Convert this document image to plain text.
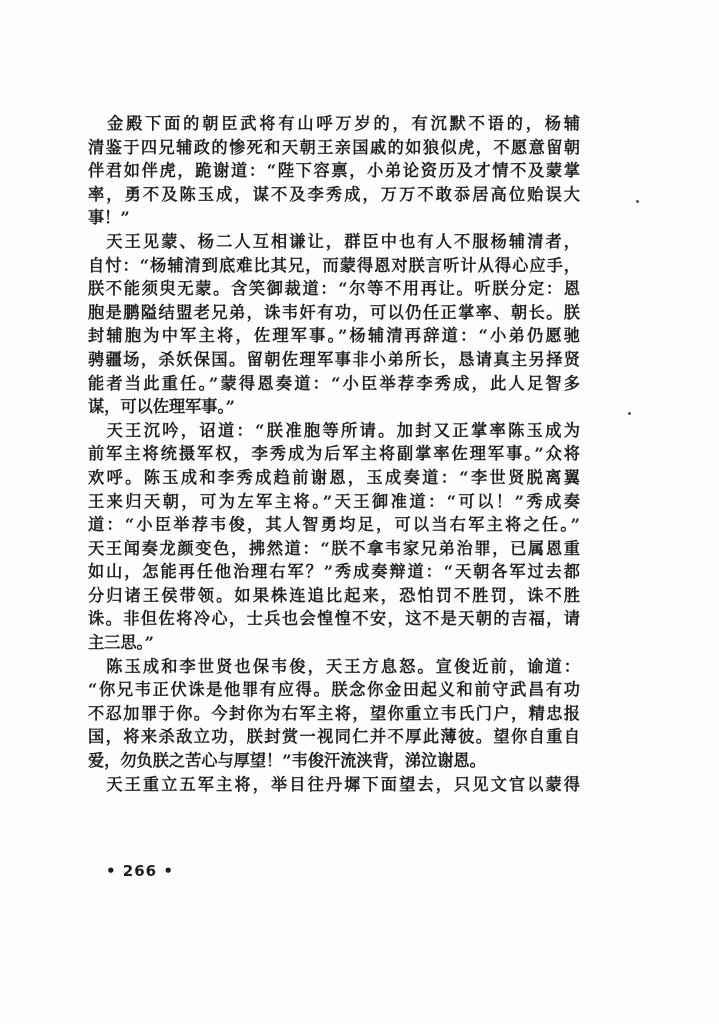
　金殿下面的朝臣武将有山呼万岁的，有沉默不语的，杨辅
清鉴于四兄辅政的惨死和天朝王亲国戚的如狼似虎，不愿意留朝
伴君如伴虎，跪谢道：“陛下容禀，小弟论资历及才情不及蒙掌
率，勇不及陈玉成，谋不及李秀成，万万不敢忝居高位贻误大
事！”
　天王见蒙、杨二人互相谦让，群臣中也有人不服杨辅清者，
自忖：“杨辅清到底难比其兄，而蒙得恩对朕言听计从得心应手，
朕不能须臾无蒙。含笑御裁道：“尔等不用再让。听朕分定：恩
胞是鹏隘结盟老兄弟，诛韦奸有功，可以仍任正掌率、朝长。朕
封辅胞为中军主将，佐理军事。”杨辅清再辞道：“小弟仍愿驰
骋疆场，杀妖保国。留朝佐理军事非小弟所长，恳请真主另择贤
能者当此重任。”蒙得恩奏道：“小臣举荐李秀成，此人足智多
谋，可以佐理军事。”
　天王沉吟，诏道：“朕准胞等所请。加封又正掌率陈玉成为
前军主将统摄军权，李秀成为后军主将副掌率佐理军事。”众将
欢呼。陈玉成和李秀成趋前谢恩，玉成奏道：“李世贤脱离翼
王来归天朝，可为左军主将。”天王御准道：“可以！”秀成奏
道：“小臣举荐韦俊，其人智勇均足，可以当右军主将之任。”
天王闻奏龙颜变色，拂然道：“朕不拿韦家兄弟治罪，已属恩重
如山，怎能再任他治理右军？”秀成奏辩道：“天朝各军过去都
分归诸王侯带领。如果株连追比起来，恐怕罚不胜罚，诛不胜
诛。非但佐将冷心，士兵也会惶惶不安，这不是天朝的吉福，请
主三思。”
　陈玉成和李世贤也保韦俊，天王方息怒。宣俊近前，谕道：
“你兄韦正伏诛是他罪有应得。朕念你金田起义和前守武昌有功
不忍加罪于你。今封你为右军主将，望你重立韦氏门户，精忠报
国，将来杀敌立功，朕封赏一视同仁并不厚此薄彼。望你自重自
爱，勿负朕之苦心与厚望！”韦俊汗流浃背，涕泣谢恩。
　天王重立五军主将，举目往丹墀下面望去，只见文官以蒙得
• 266 •
